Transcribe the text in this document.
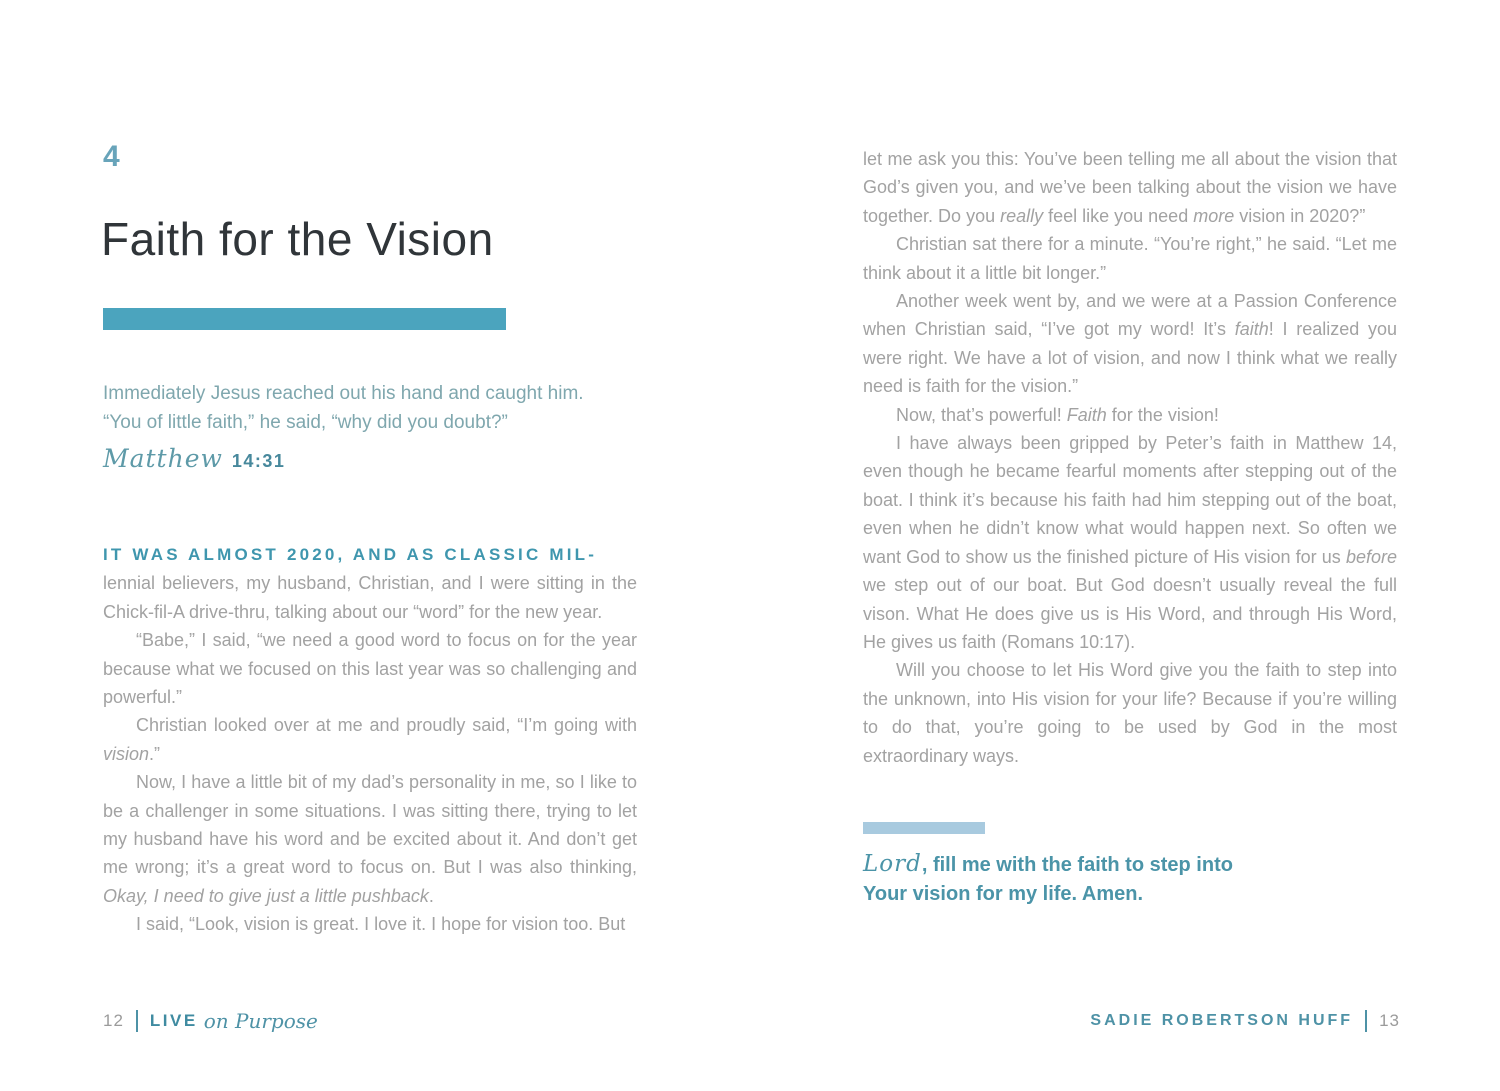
4
Faith for the Vision
Immediately Jesus reached out his hand and caught him.
“You of little faith,” he said, “why did you doubt?”
Matthew 14:31
IT WAS ALMOST 2020, AND AS CLASSIC MIL-

lennial believers, my husband, Christian, and I were sitting in the Chick-fil-A drive-thru, talking about our “word” for the new year.

“Babe,” I said, “we need a good word to focus on for the year because what we focused on this last year was so challenging and powerful.”

Christian looked over at me and proudly said, “I’m going with vision.”

Now, I have a little bit of my dad’s personality in me, so I like to be a challenger in some situations. I was sitting there, trying to let my husband have his word and be excited about it. And don’t get me wrong; it’s a great word to focus on. But I was also thinking, Okay, I need to give just a little pushback.

I said, “Look, vision is great. I love it. I hope for vision too. But

12 LIVE on Purpose

let me ask you this: You’ve been telling me all about the vision that God’s given you, and we’ve been talking about the vision we have together. Do you really feel like you need more vision in 2020?”

Christian sat there for a minute. “You’re right,” he said. “Let me think about it a little bit longer.”

Another week went by, and we were at a Passion Conference when Christian said, “I’ve got my word! It’s faith! I realized you were right. We have a lot of vision, and now I think what we really need is faith for the vision.”

Now, that’s powerful! Faith for the vision!

I have always been gripped by Peter’s faith in Matthew 14, even though he became fearful moments after stepping out of the boat. I think it’s because his faith had him stepping out of the boat, even when he didn’t know what would happen next. So often we want God to show us the finished picture of His vision for us before we step out of our boat. But God doesn’t usually reveal the full vison. What He does give us is His Word, and through His Word, He gives us faith (Romans 10:17).

Will you choose to let His Word give you the faith to step into the unknown, into His vision for your life? Because if you’re willing to do that, you’re going to be used by God in the most extraordinary ways.

Lord, fill me with the faith to step into
Your vision for my life. Amen.
SADIE ROBERTSON HUFF 13
